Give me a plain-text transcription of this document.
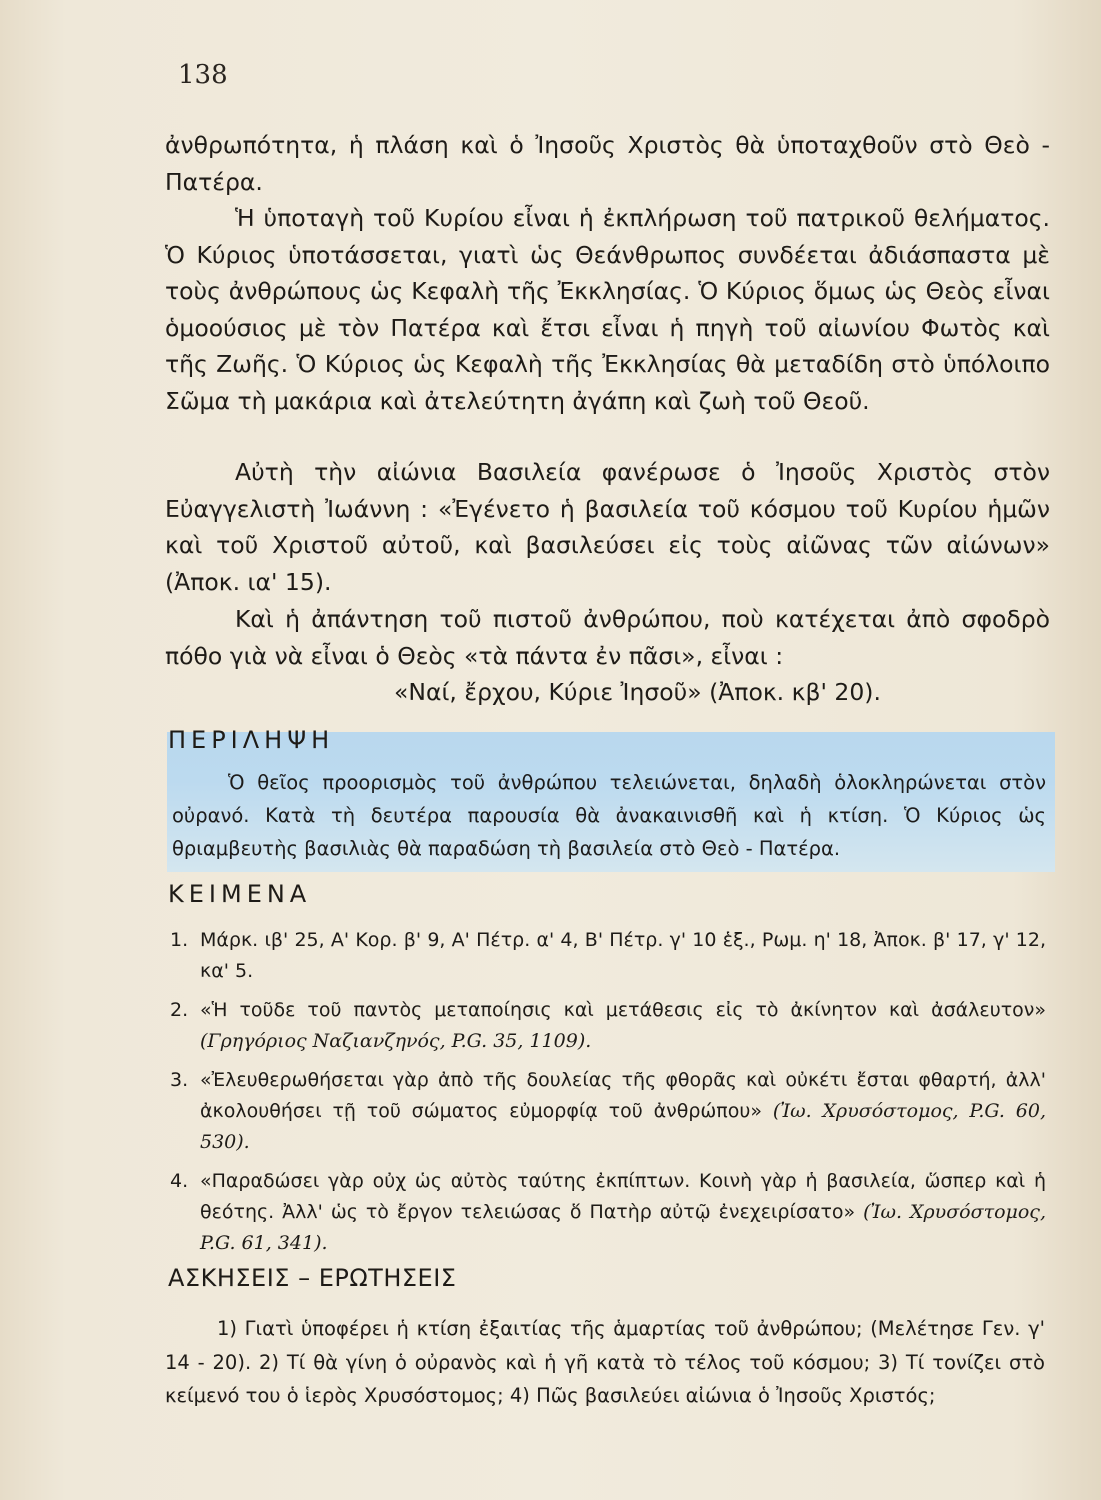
138

ἀνθρωπότητα, ἡ πλάση καὶ ὁ Ἰησοῦς Χριστὸς θὰ ὑποταχθοῦν στὸ Θεὸ - Πατέρα.

Ἡ ὑποταγὴ τοῦ Κυρίου εἶναι ἡ ἐκπλήρωση τοῦ πατρικοῦ θελήματος. Ὁ Κύριος ὑποτάσσεται, γιατὶ ὡς Θεάνθρωπος συνδέεται ἀδιάσπαστα μὲ τοὺς ἀνθρώπους ὡς Κεφαλὴ τῆς Ἐκκλησίας. Ὁ Κύριος ὅμως ὡς Θεὸς εἶναι ὁμοούσιος μὲ τὸν Πατέρα καὶ ἔτσι εἶναι ἡ πηγὴ τοῦ αἰωνίου Φωτὸς καὶ τῆς Ζωῆς. Ὁ Κύριος ὡς Κεφαλὴ τῆς Ἐκκλησίας θὰ μεταδίδη στὸ ὑπόλοιπο Σῶμα τὴ μακάρια καὶ ἀτελεύτητη ἀγάπη καὶ ζωὴ τοῦ Θεοῦ.

Αὐτὴ τὴν αἰώνια Βασιλεία φανέρωσε ὁ Ἰησοῦς Χριστὸς στὸν Εὐαγγελιστὴ Ἰωάννη : «Ἐγένετο ἡ βασιλεία τοῦ κόσμου τοῦ Κυρίου ἡμῶν καὶ τοῦ Χριστοῦ αὐτοῦ, καὶ βασιλεύσει εἰς τοὺς αἰῶνας τῶν αἰώνων» (Ἀποκ. ια' 15).

Καὶ ἡ ἀπάντηση τοῦ πιστοῦ ἀνθρώπου, ποὺ κατέχεται ἀπὸ σφοδρὸ πόθο γιὰ νὰ εἶναι ὁ Θεὸς «τὰ πάντα ἐν πᾶσι», εἶναι :

«Ναί, ἔρχου, Κύριε Ἰησοῦ» (Ἀποκ. κβ' 20).

ΠΕΡΙΛΗΨΗ

Ὁ θεῖος προορισμὸς τοῦ ἀνθρώπου τελειώνεται, δηλαδὴ ὁλοκληρώνεται στὸν οὐρανό. Κατὰ τὴ δευτέρα παρουσία θὰ ἀνακαινισθῆ καὶ ἡ κτίση. Ὁ Κύριος ὡς θριαμβευτὴς βασιλιὰς θὰ παραδώση τὴ βασιλεία στὸ Θεὸ - Πατέρα.

ΚΕΙΜΕΝΑ
1. Μάρκ. ιβ' 25, Α' Κορ. β' 9, Α' Πέτρ. α' 4, Β' Πέτρ. γ' 10 ἑξ., Ρωμ. η' 18, Ἀποκ. β' 17, γ' 12, κα' 5.
2. «Ἡ τοῦδε τοῦ παντὸς μεταποίησις καὶ μετάθεσις εἰς τὸ ἀκίνητον καὶ ἀσάλευτον» (Γρηγόριος Ναζιανζηνός, P.G. 35, 1109).
3. «Ἐλευθερωθήσεται γὰρ ἀπὸ τῆς δουλείας τῆς φθορᾶς καὶ οὐκέτι ἔσται φθαρτή, ἀλλ' ἀκολουθήσει τῇ τοῦ σώματος εὐμορφίᾳ τοῦ ἀνθρώπου» (Ἰω. Χρυσόστομος, P.G. 60, 530).
4. «Παραδώσει γὰρ οὐχ ὡς αὐτὸς ταύτης ἐκπίπτων. Κοινὴ γὰρ ἡ βασιλεία, ὥσπερ καὶ ἡ θεότης. Ἀλλ' ὡς τὸ ἔργον τελειώσας ὅ Πατὴρ αὐτῷ ἐνεχειρίσατο» (Ἰω. Χρυσόστομος, P.G. 61, 341).
ΑΣΚΗΣΕΙΣ – ΕΡΩΤΗΣΕΙΣ

1) Γιατὶ ὑποφέρει ἡ κτίση ἐξαιτίας τῆς ἁμαρτίας τοῦ ἀνθρώπου; (Μελέτησε Γεν. γ' 14 - 20). 2) Τί θὰ γίνη ὁ οὐρανὸς καὶ ἡ γῆ κατὰ τὸ τέλος τοῦ κόσμου; 3) Τί τονίζει στὸ κείμενό του ὁ ἱερὸς Χρυσόστομος; 4) Πῶς βασιλεύει αἰώνια ὁ Ἰησοῦς Χριστός;
